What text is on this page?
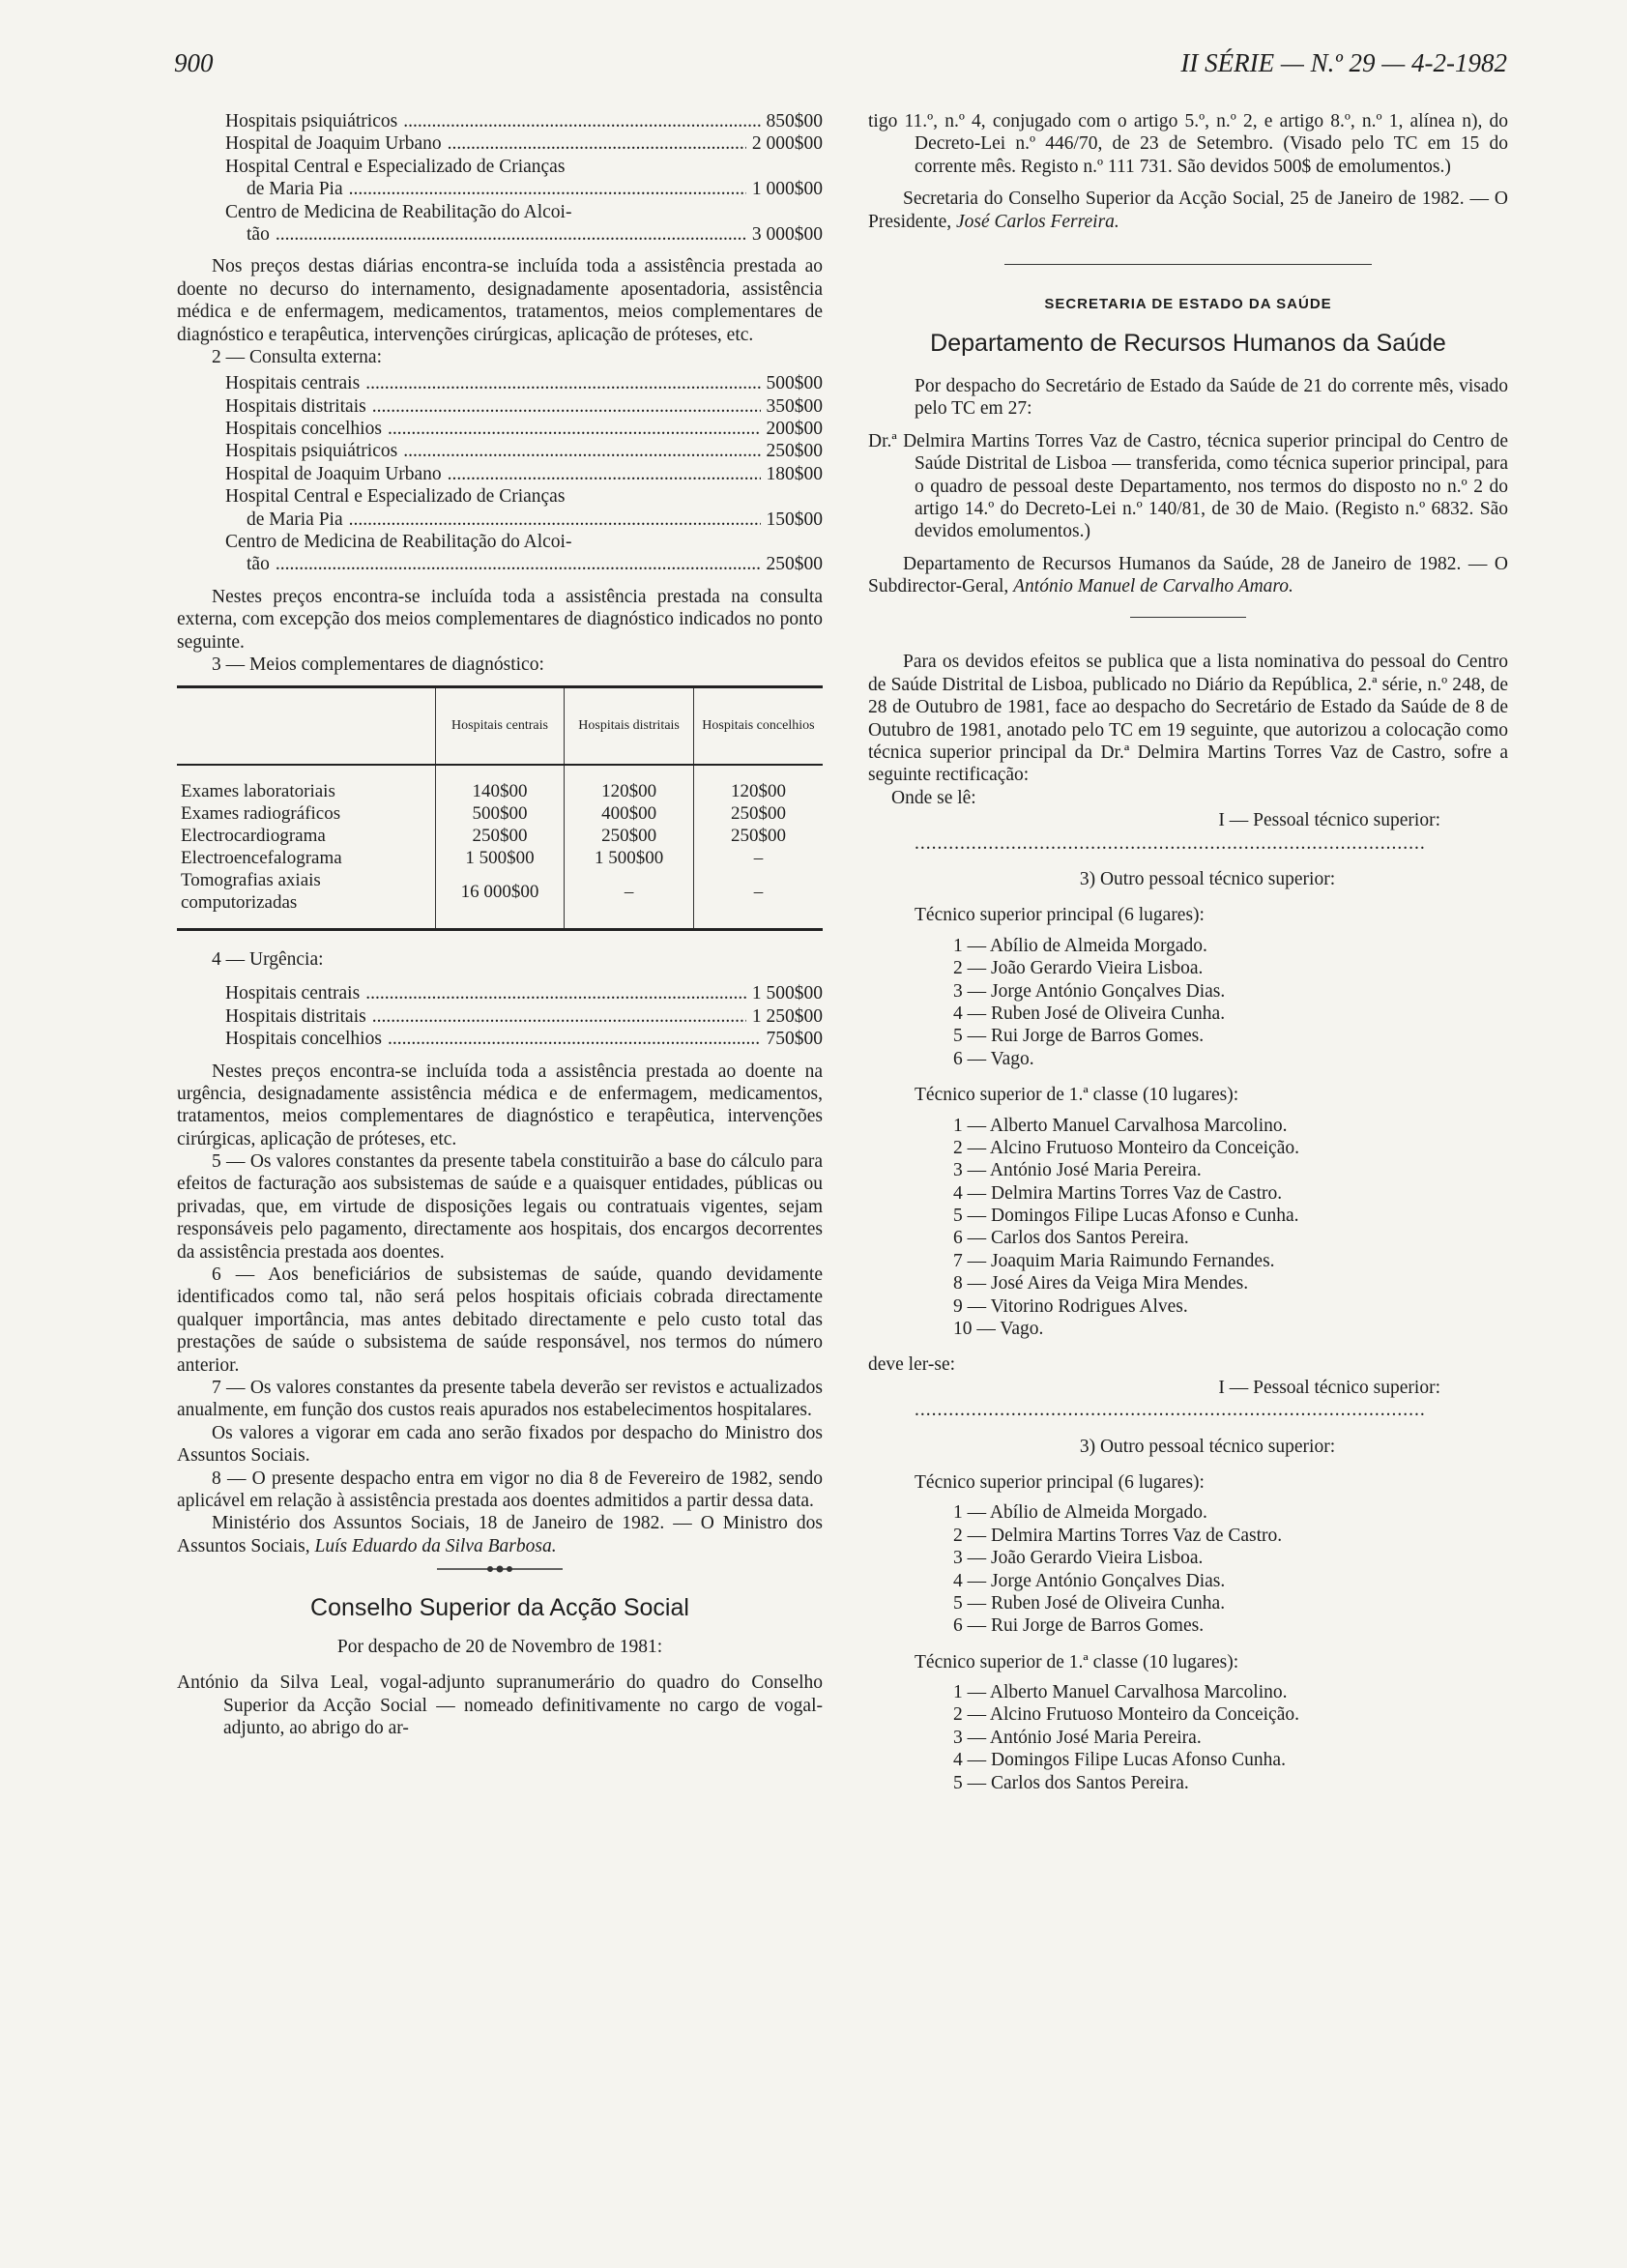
900	II SÉRIE — N.º 29 — 4-2-1982
Hospitais psiquiátricos .....	850$00
Hospital de Joaquim Urbano .....	2 000$00
Hospital Central e Especializado de Crianças
de Maria Pia .....	1 000$00
Centro de Medicina de Reabilitação do Alcoi-
tão .....	3 000$00

Nos preços destas diárias encontra-se incluída toda a assistência prestada ao doente no decurso do internamento, designadamente aposentadoria, assistência médica e de enfermagem, medicamentos, tratamentos, meios complementares de diagnóstico e terapêutica, intervenções cirúrgicas, aplicação de próteses, etc.

2 — Consulta externa:

Hospitais centrais .....	500$00
Hospitais distritais .....	350$00
Hospitais concelhios .....	200$00
Hospitais psiquiátricos .....	250$00
Hospital de Joaquim Urbano .....	180$00
Hospital Central e Especializado de Crianças
de Maria Pia .....	150$00
Centro de Medicina de Reabilitação do Alcoi-
tão .....	250$00

Nestes preços encontra-se incluída toda a assistência prestada na consulta externa, com excepção dos meios complementares de diagnóstico indicados no ponto seguinte.

3 — Meios complementares de diagnóstico:

	Hospitais centrais	Hospitais distritais	Hospitais concelhios
Exames laboratoriais	140$00	120$00	120$00
Exames radiográficos	500$00	400$00	250$00
Electrocardiograma	250$00	250$00	250$00
Electroencefalograma	1 500$00	1 500$00	–
Tomografias axiais computorizadas	16 000$00	–	–

4 — Urgência:

Hospitais centrais .....	1 500$00
Hospitais distritais .....	1 250$00
Hospitais concelhios .....	750$00

Nestes preços encontra-se incluída toda a assistência prestada ao doente na urgência, designadamente assistência médica e de enfermagem, medicamentos, tratamentos, meios complementares de diagnóstico e terapêutica, intervenções cirúrgicas, aplicação de próteses, etc.

5 — Os valores constantes da presente tabela constituirão a base do cálculo para efeitos de facturação aos subsistemas de saúde e a quaisquer entidades, públicas ou privadas, que, em virtude de disposições legais ou contratuais vigentes, sejam responsáveis pelo pagamento, directamente aos hospitais, dos encargos decorrentes da assistência prestada aos doentes.

6 — Aos beneficiários de subsistemas de saúde, quando devidamente identificados como tal, não será pelos hospitais oficiais cobrada directamente qualquer importância, mas antes debitado directamente e pelo custo total das prestações de saúde o subsistema de saúde responsável, nos termos do número anterior.

7 — Os valores constantes da presente tabela deverão ser revistos e actualizados anualmente, em função dos custos reais apurados nos estabelecimentos hospitalares.

Os valores a vigorar em cada ano serão fixados por despacho do Ministro dos Assuntos Sociais.

8 — O presente despacho entra em vigor no dia 8 de Fevereiro de 1982, sendo aplicável em relação à assistência prestada aos doentes admitidos a partir dessa data.

Ministério dos Assuntos Sociais, 18 de Janeiro de 1982. — O Ministro dos Assuntos Sociais, Luís Eduardo da Silva Barbosa.

Conselho Superior da Acção Social

Por despacho de 20 de Novembro de 1981:

António da Silva Leal, vogal-adjunto supranumerário do quadro do Conselho Superior da Acção Social — nomeado definitivamente no cargo de vogal-adjunto, ao abrigo do ar-

tigo 11.º, n.º 4, conjugado com o artigo 5.º, n.º 2, e artigo 8.º, n.º 1, alínea n), do Decreto-Lei n.º 446/70, de 23 de Setembro. (Visado pelo TC em 15 do corrente mês. Registo n.º 111 731. São devidos 500$ de emolumentos.)

Secretaria do Conselho Superior da Acção Social, 25 de Janeiro de 1982. — O Presidente, José Carlos Ferreira.

SECRETARIA DE ESTADO DA SAÚDE
Departamento de Recursos Humanos da Saúde

Por despacho do Secretário de Estado da Saúde de 21 do corrente mês, visado pelo TC em 27:

Dr.ª Delmira Martins Torres Vaz de Castro, técnica superior principal do Centro de Saúde Distrital de Lisboa — transferida, como técnica superior principal, para o quadro de pessoal deste Departamento, nos termos do disposto no n.º 2 do artigo 14.º do Decreto-Lei n.º 140/81, de 30 de Maio. (Registo n.º 6832. São devidos emolumentos.)

Departamento de Recursos Humanos da Saúde, 28 de Janeiro de 1982. — O Subdirector-Geral, António Manuel de Carvalho Amaro.

Para os devidos efeitos se publica que a lista nominativa do pessoal do Centro de Saúde Distrital de Lisboa, publicado no Diário da República, 2.ª série, n.º 248, de 28 de Outubro de 1981, face ao despacho do Secretário de Estado da Saúde de 8 de Outubro de 1981, anotado pelo TC em 19 seguinte, que autorizou a colocação como técnica superior principal da Dr.ª Delmira Martins Torres Vaz de Castro, sofre a seguinte rectificação:

Onde se lê:

I — Pessoal técnico superior:

..........................................................................................

3) Outro pessoal técnico superior:

Técnico superior principal (6 lugares):

1 — Abílio de Almeida Morgado.
2 — João Gerardo Vieira Lisboa.
3 — Jorge António Gonçalves Dias.
4 — Ruben José de Oliveira Cunha.
5 — Rui Jorge de Barros Gomes.
6 — Vago.

Técnico superior de 1.ª classe (10 lugares):

1 — Alberto Manuel Carvalhosa Marcolino.
2 — Alcino Frutuoso Monteiro da Conceição.
3 — António José Maria Pereira.
4 — Delmira Martins Torres Vaz de Castro.
5 — Domingos Filipe Lucas Afonso e Cunha.
6 — Carlos dos Santos Pereira.
7 — Joaquim Maria Raimundo Fernandes.
8 — José Aires da Veiga Mira Mendes.
9 — Vitorino Rodrigues Alves.
10 — Vago.

deve ler-se:

I — Pessoal técnico superior:

..........................................................................................

3) Outro pessoal técnico superior:

Técnico superior principal (6 lugares):

1 — Abílio de Almeida Morgado.
2 — Delmira Martins Torres Vaz de Castro.
3 — João Gerardo Vieira Lisboa.
4 — Jorge António Gonçalves Dias.
5 — Ruben José de Oliveira Cunha.
6 — Rui Jorge de Barros Gomes.

Técnico superior de 1.ª classe (10 lugares):

1 — Alberto Manuel Carvalhosa Marcolino.
2 — Alcino Frutuoso Monteiro da Conceição.
3 — António José Maria Pereira.
4 — Domingos Filipe Lucas Afonso Cunha.
5 — Carlos dos Santos Pereira.
